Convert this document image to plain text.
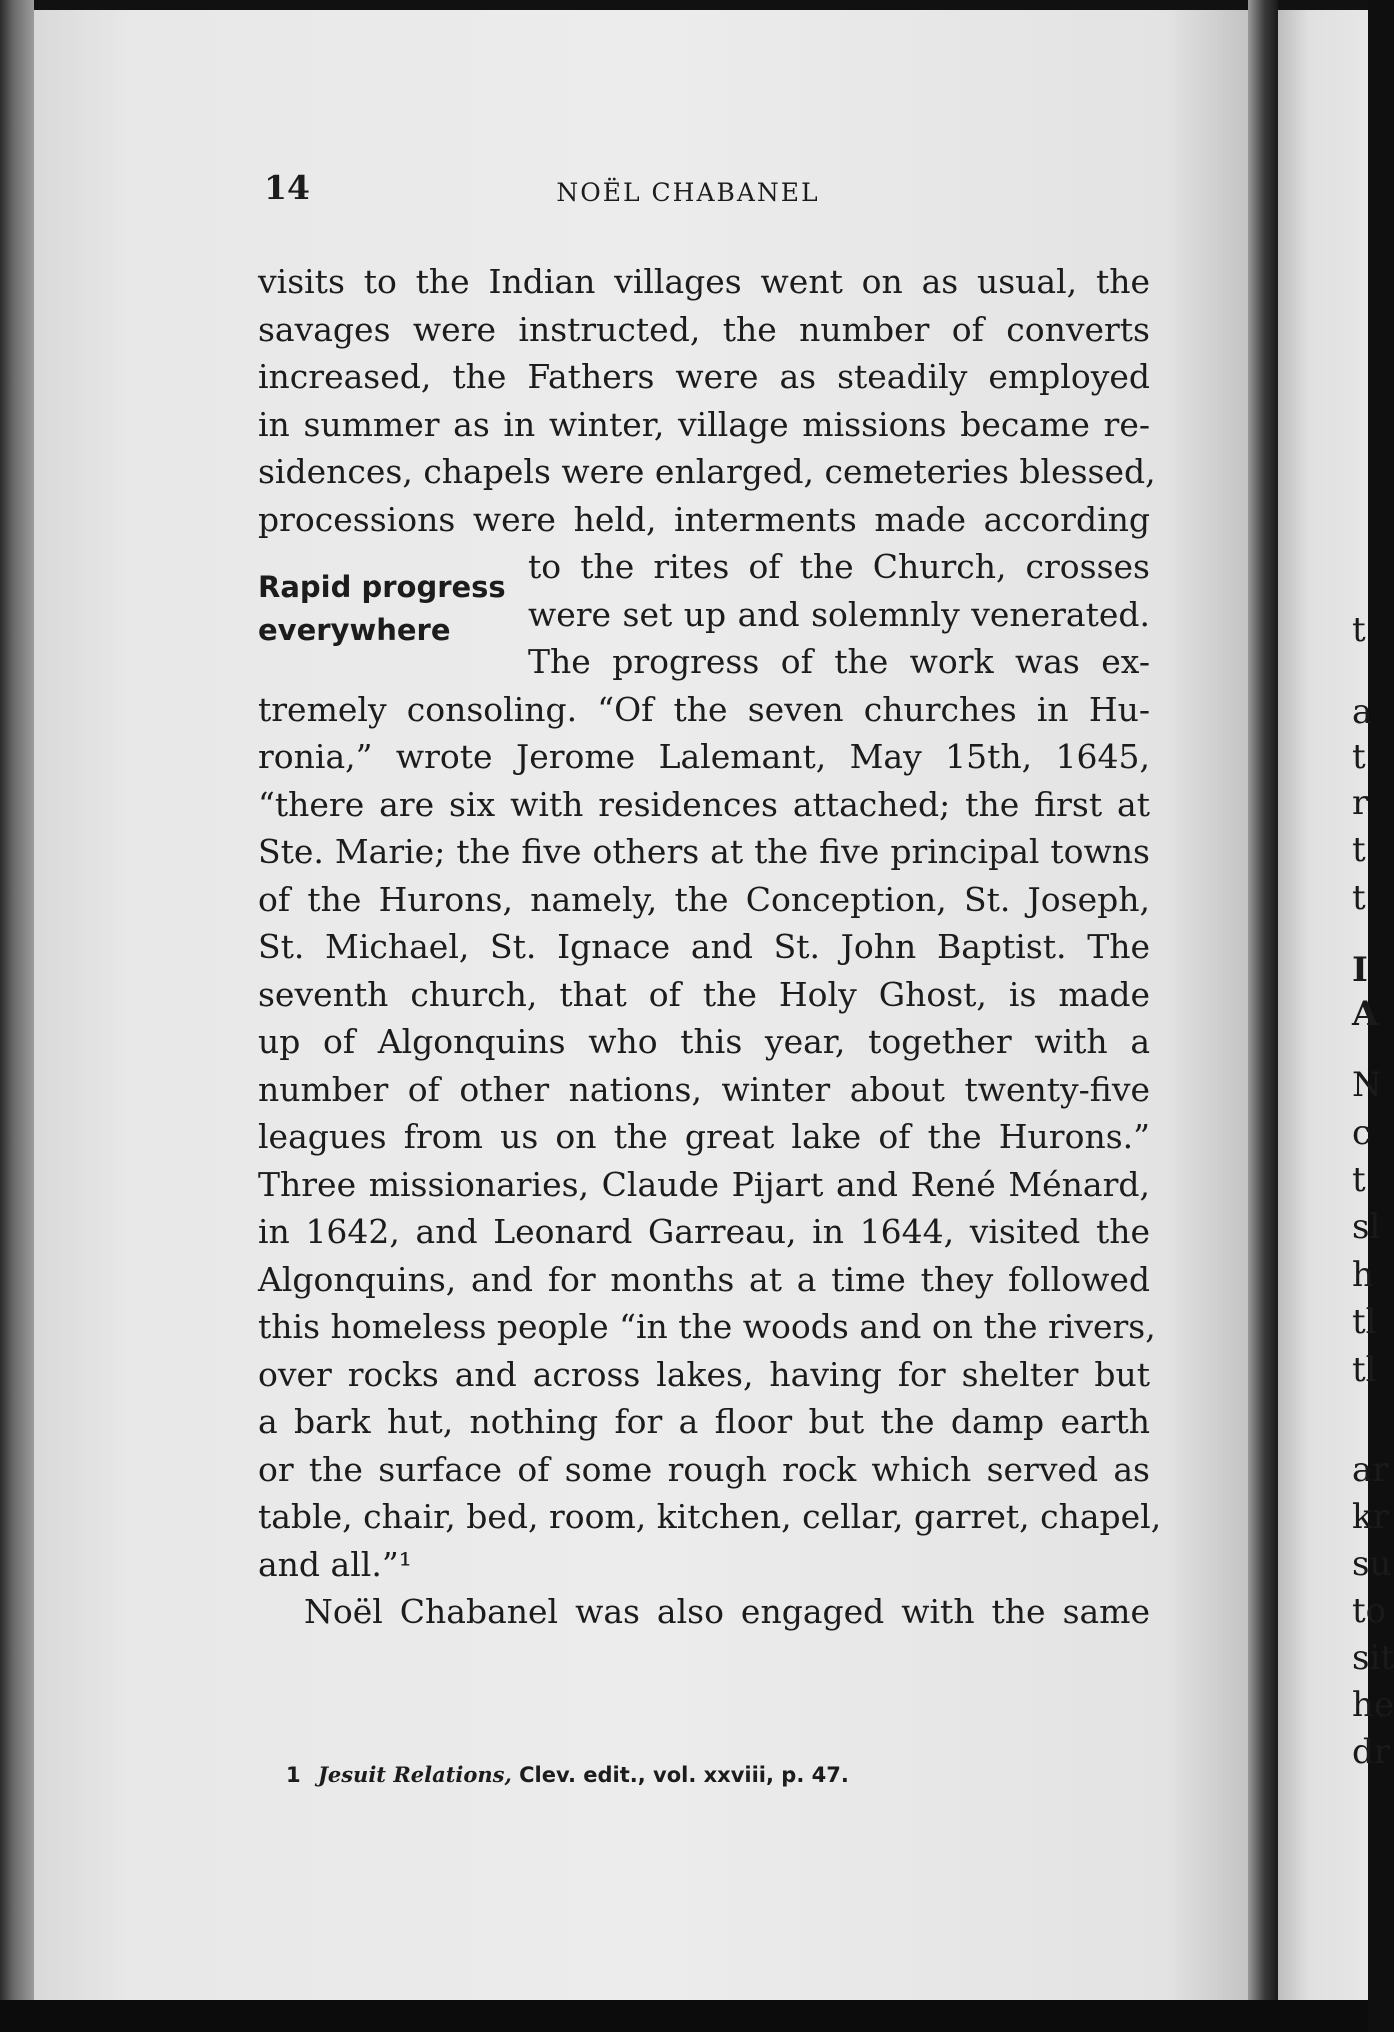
14	NOËL CHABANEL
visits to the Indian villages went on as usual, the
savages were instructed, the number of converts
increased, the Fathers were as steadily employed
in summer as in winter, village missions became re-
sidences, chapels were enlarged, cemeteries blessed,
processions were held, interments made according
to the rites of the Church, crosses
were set up and solemnly venerated.
The progress of the work was ex-
tremely consoling. “Of the seven churches in Hu-
ronia,” wrote Jerome Lalemant, May 15th, 1645,
“there are six with residences attached; the first at
Ste. Marie; the five others at the five principal towns
of the Hurons, namely, the Conception, St. Joseph,
St. Michael, St. Ignace and St. John Baptist. The
seventh church, that of the Holy Ghost, is made
up of Algonquins who this year, together with a
number of other nations, winter about twenty-five
leagues from us on the great lake of the Hurons.”
Three missionaries, Claude Pijart and René Ménard,
in 1642, and Leonard Garreau, in 1644, visited the
Algonquins, and for months at a time they followed
this homeless people “in the woods and on the rivers,
over rocks and across lakes, having for shelter but
a bark hut, nothing for a floor but the damp earth
or the surface of some rough rock which served as
table, chair, bed, room, kitchen, cellar, garret, chapel,
and all.”¹
Noël Chabanel was also engaged with the same
Rapid progress
everywhere
1 Jesuit Relations, Clev. edit., vol. xxviii, p. 47.
t
a
t
r
t
t
I
A
N
c
t
sl
h
tl
tl
ar
kr
su
to
sit
he
dr
